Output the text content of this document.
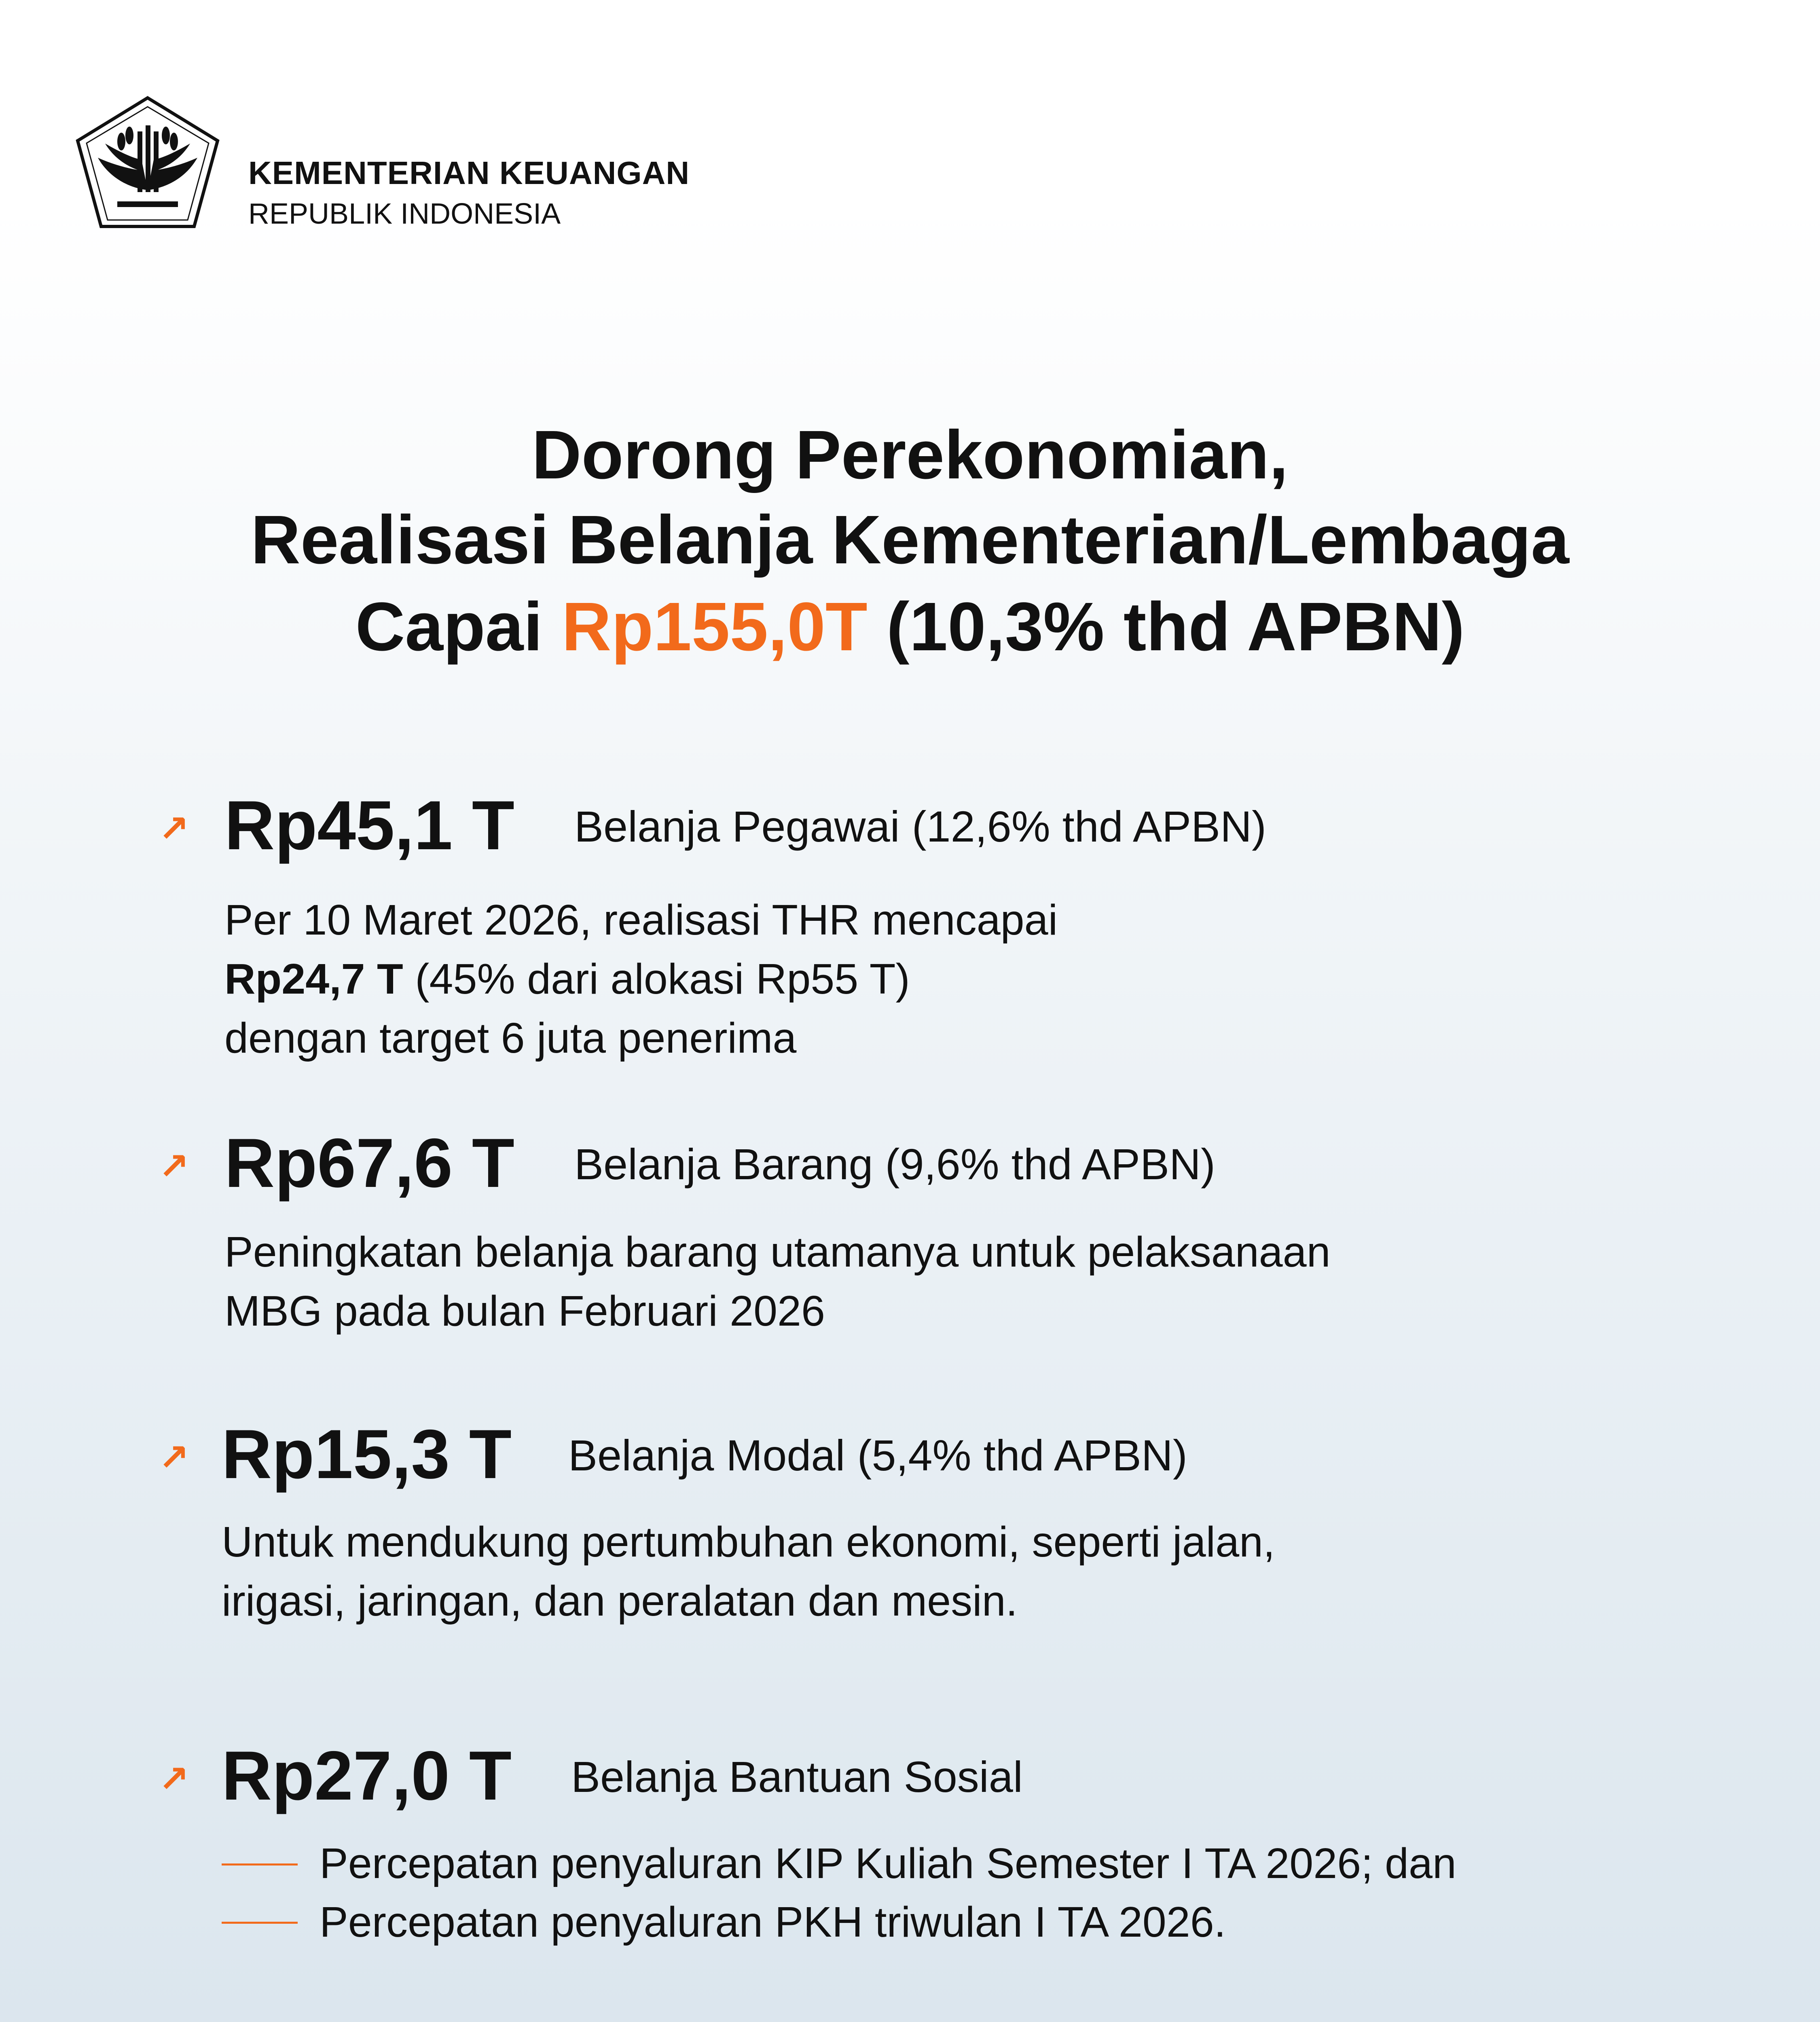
KEMENTERIAN KEUANGAN
REPUBLIK INDONESIA
Dorong Perekonomian,
Realisasi Belanja Kementerian/Lembaga
Capai Rp155,0T (10,3% thd APBN)
↗ Rp45,1 T Belanja Pegawai (12,6% thd APBN)
Per 10 Maret 2026, realisasi THR mencapai
Rp24,7 T (45% dari alokasi Rp55 T)
dengan target 6 juta penerima
↗ Rp67,6 T Belanja Barang (9,6% thd APBN)
Peningkatan belanja barang utamanya untuk pelaksanaan
MBG pada bulan Februari 2026
↗ Rp15,3 T Belanja Modal (5,4% thd APBN)
Untuk mendukung pertumbuhan ekonomi, seperti jalan,
irigasi, jaringan, dan peralatan dan mesin.
↗ Rp27,0 T Belanja Bantuan Sosial
Percepatan penyaluran KIP Kuliah Semester I TA 2026; dan
Percepatan penyaluran PKH triwulan I TA 2026.
